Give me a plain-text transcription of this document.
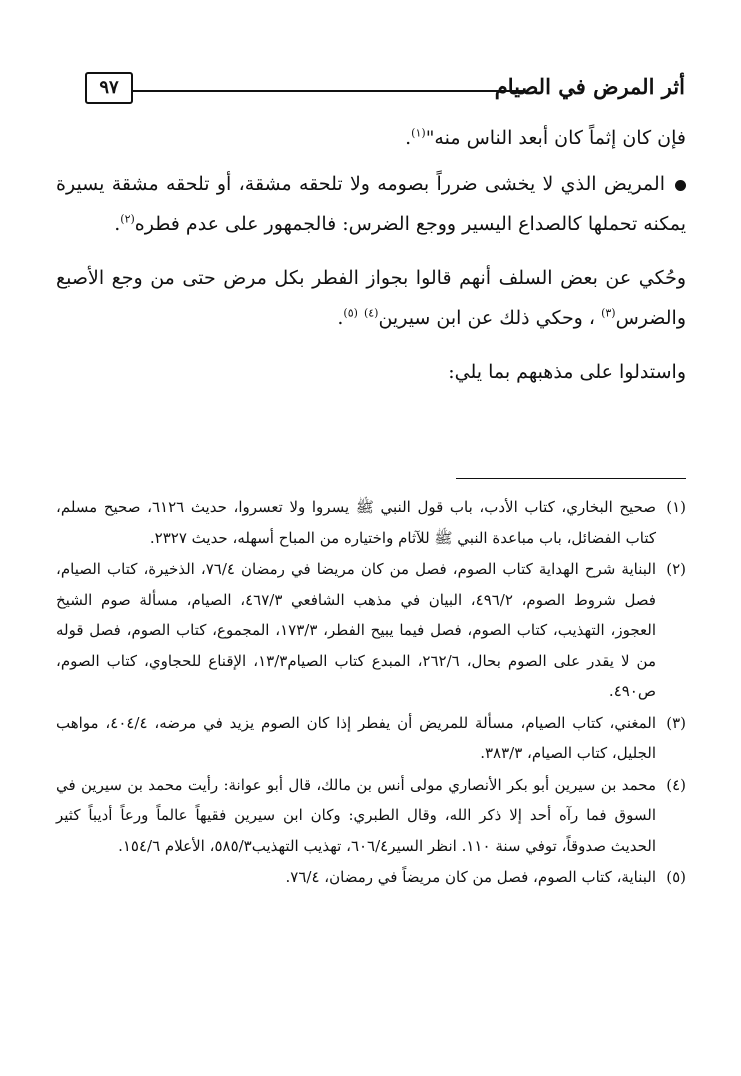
أثر المرض في الصيام
٩٧

فإن كان إثماً كان أبعد الناس منه"$^{(١)}$.

المريض الذي لا يخشى ضرراً بصومه ولا تلحقه مشقة، أو تلحقه مشقة يسيرة يمكنه تحملها كالصداع اليسير ووجع الضرس: فالجمهور على عدم فطره$^{(٢)}$.

وحُكي عن بعض السلف أنهم قالوا بجواز الفطر بكل مرض حتى من وجع الأصبع والضرس$^{(٣)}$ ، وحكي ذلك عن ابن سيرين$^{(٤)}$ $^{(٥)}$.

واستدلوا على مذهبهم بما يلي:

(١)صحيح البخاري، كتاب الأدب، باب قول النبي ﷺ يسروا ولا تعسروا، حديث ٦١٢٦، صحيح مسلم، كتاب الفضائل، باب مباعدة النبي ﷺ للآثام واختياره من المباح أسهله، حديث ٢٣٢٧.

(٢)البناية شرح الهداية كتاب الصوم، فصل من كان مريضا في رمضان ٧٦/٤، الذخيرة، كتاب الصيام، فصل شروط الصوم، ٤٩٦/٢، البيان في مذهب الشافعي ٤٦٧/٣، الصيام، مسألة صوم الشيخ العجوز، التهذيب، كتاب الصوم، فصل فيما يبيح الفطر، ١٧٣/٣، المجموع، كتاب الصوم، فصل قوله من لا يقدر على الصوم بحال، ٢٦٢/٦، المبدع كتاب الصيام١٣/٣، الإقناع للحجاوي، كتاب الصوم، ص٤٩٠.

(٣)المغني، كتاب الصيام، مسألة للمريض أن يفطر إذا كان الصوم يزيد في مرضه، ٤٠٤/٤، مواهب الجليل، كتاب الصيام، ٣٨٣/٣.

(٤)محمد بن سيرين أبو بكر الأنصاري مولى أنس بن مالك، قال أبو عوانة: رأيت محمد بن سيرين في السوق فما رآه أحد إلا ذكر الله، وقال الطبري: وكان ابن سيرين فقيهاً عالماً ورعاً أديباً كثير الحديث صدوقاً، توفي سنة ١١٠. انظر السير٦٠٦/٤، تهذيب التهذيب٥٨٥/٣، الأعلام ١٥٤/٦.

(٥)البناية، كتاب الصوم، فصل من كان مريضاً في رمضان، ٧٦/٤.
